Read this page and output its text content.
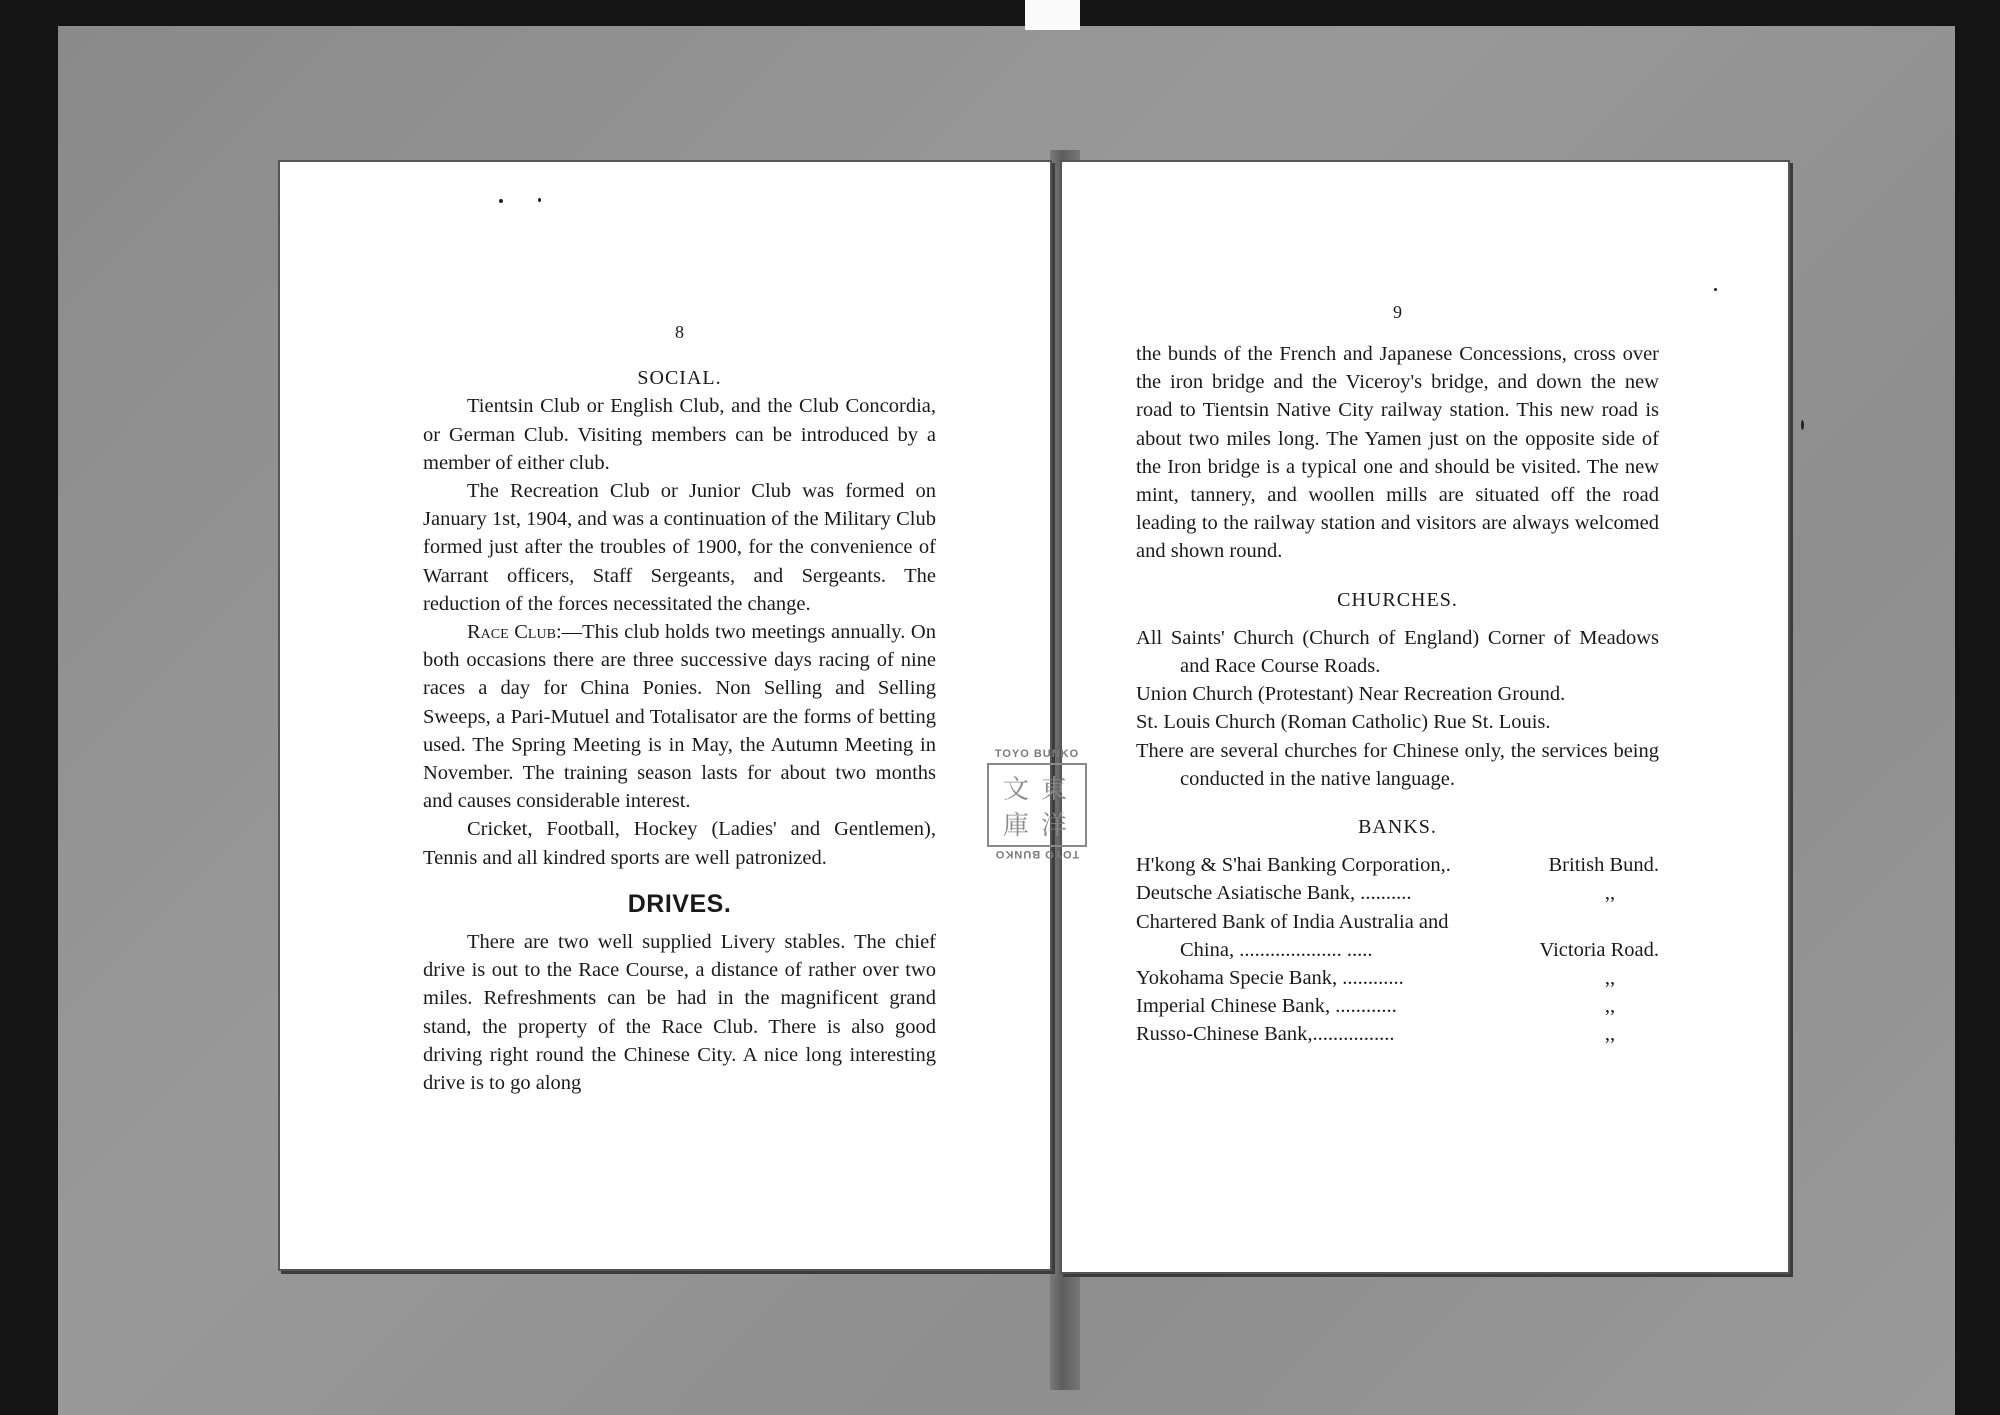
8

SOCIAL.

Tientsin Club or English Club, and the Club Concordia, or German Club. Visiting members can be introduced by a member of either club.

The Recreation Club or Junior Club was formed on January 1st, 1904, and was a continuation of the Military Club formed just after the troubles of 1900, for the convenience of Warrant officers, Staff Sergeants, and Sergeants. The reduction of the forces necessitated the change.

Race Club:—This club holds two meetings annually. On both occasions there are three successive days racing of nine races a day for China Ponies. Non Selling and Selling Sweeps, a Pari-Mutuel and Totalisator are the forms of betting used. The Spring Meeting is in May, the Autumn Meeting in November. The training season lasts for about two months and causes considerable interest.

Cricket, Football, Hockey (Ladies' and Gentlemen), Tennis and all kindred sports are well patronized.

DRIVES.

There are two well supplied Livery stables. The chief drive is out to the Race Course, a distance of rather over two miles. Refreshments can be had in the magnificent grand stand, the property of the Race Club. There is also good driving right round the Chinese City. A nice long interesting drive is to go along

9

the bunds of the French and Japanese Concessions, cross over the iron bridge and the Viceroy's bridge, and down the new road to Tientsin Native City railway station. This new road is about two miles long. The Yamen just on the opposite side of the Iron bridge is a typical one and should be visited. The new mint, tannery, and woollen mills are situated off the road leading to the railway station and visitors are always welcomed and shown round.

CHURCHES.

All Saints' Church (Church of England) Corner of Meadows and Race Course Roads.

Union Church (Protestant) Near Recreation Ground.

St. Louis Church (Roman Catholic) Rue St. Louis.

There are several churches for Chinese only, the services being conducted in the native language.

BANKS.

H'kong & S'hai Banking Corporation,.	British Bund.

Deutsche Asiatische Bank, ..........	,,

Chartered Bank of India Australia and

China, .................... .....	Victoria Road.

Yokohama Specie Bank, ............	,,

Imperial Chinese Bank, ............	,,

Russo-Chinese Bank,................	,,

TOYO BUNKO
東
洋
文
庫
TOYO BUNKO
